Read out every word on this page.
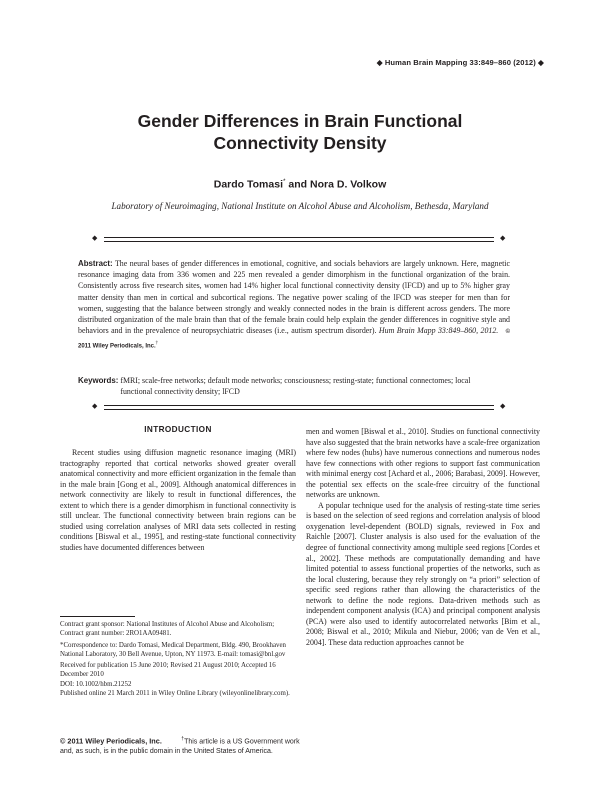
◆ Human Brain Mapping 33:849–860 (2012) ◆
Gender Differences in Brain Functional
Connectivity Density
Dardo Tomasi* and Nora D. Volkow
Laboratory of Neuroimaging, National Institute on Alcohol Abuse and Alcoholism, Bethesda, Maryland
◆	◆
Abstract: The neural bases of gender differences in emotional, cognitive, and socials behaviors are largely unknown. Here, magnetic resonance imaging data from 336 women and 225 men revealed a gender dimorphism in the functional organization of the brain. Consistently across five research sites, women had 14% higher local functional connectivity density (lFCD) and up to 5% higher gray matter density than men in cortical and subcortical regions. The negative power scaling of the lFCD was steeper for men than for women, suggesting that the balance between strongly and weakly connected nodes in the brain is different across genders. The more distributed organization of the male brain than that of the female brain could help explain the gender differences in cognitive style and behaviors and in the prevalence of neuropsychiatric diseases (i.e., autism spectrum disorder). Hum Brain Mapp 33:849–860, 2012. © 2011 Wiley Periodicals, Inc.†
Keywords: fMRI; scale-free networks; default mode networks; consciousness; resting-state; functional connectomes; local functional connectivity density; lFCD
◆	◆
INTRODUCTION

Recent studies using diffusion magnetic resonance imaging (MRI) tractography reported that cortical networks showed greater overall anatomical connectivity and more efficient organization in the female than in the male brain [Gong et al., 2009]. Although anatomical differences in network connectivity are likely to result in functional differences, the extent to which there is a gender dimorphism in functional connectivity is still unclear. The functional connectivity between brain regions can be studied using correlation analyses of MRI data sets collected in resting conditions [Biswal et al., 1995], and resting-state functional connectivity studies have documented differences between

Contract grant sponsor: National Institutes of Alcohol Abuse and Alcoholism; Contract grant number: 2RO1AA09481.

*Correspondence to: Dardo Tomasi, Medical Department, Bldg. 490, Brookhaven National Laboratory, 30 Bell Avenue, Upton, NY 11973. E-mail: tomasi@bnl.gov

Received for publication 15 June 2010; Revised 21 August 2010; Accepted 16 December 2010

DOI: 10.1002/hbm.21252

Published online 21 March 2011 in Wiley Online Library (wileyonlinelibrary.com).

men and women [Biswal et al., 2010]. Studies on functional connectivity have also suggested that the brain networks have a scale-free organization where few nodes (hubs) have numerous connections and numerous nodes have few connections with other regions to support fast communication with minimal energy cost [Achard et al., 2006; Barabasi, 2009]. However, the potential sex effects on the scale-free circuitry of the functional networks are unknown.

A popular technique used for the analysis of resting-state time series is based on the selection of seed regions and correlation analysis of blood oxygenation level-dependent (BOLD) signals, reviewed in Fox and Raichle [2007]. Cluster analysis is also used for the evaluation of the degree of functional connectivity among multiple seed regions [Cordes et al., 2002]. These methods are computationally demanding and have limited potential to assess functional properties of the networks, such as the local clustering, because they rely strongly on “a priori” selection of specific seed regions rather than allowing the characteristics of the network to define the node regions. Data-driven methods such as independent component analysis (ICA) and principal component analysis (PCA) were also used to identify autocorrelated networks [Bim et al., 2008; Biswal et al., 2010; Mikula and Niebur, 2006; van de Ven et al., 2004]. These data reduction approaches cannot be

© 2011 Wiley Periodicals, Inc.	†This article is a US Government work
and, as such, is in the public domain in the United States of America.
